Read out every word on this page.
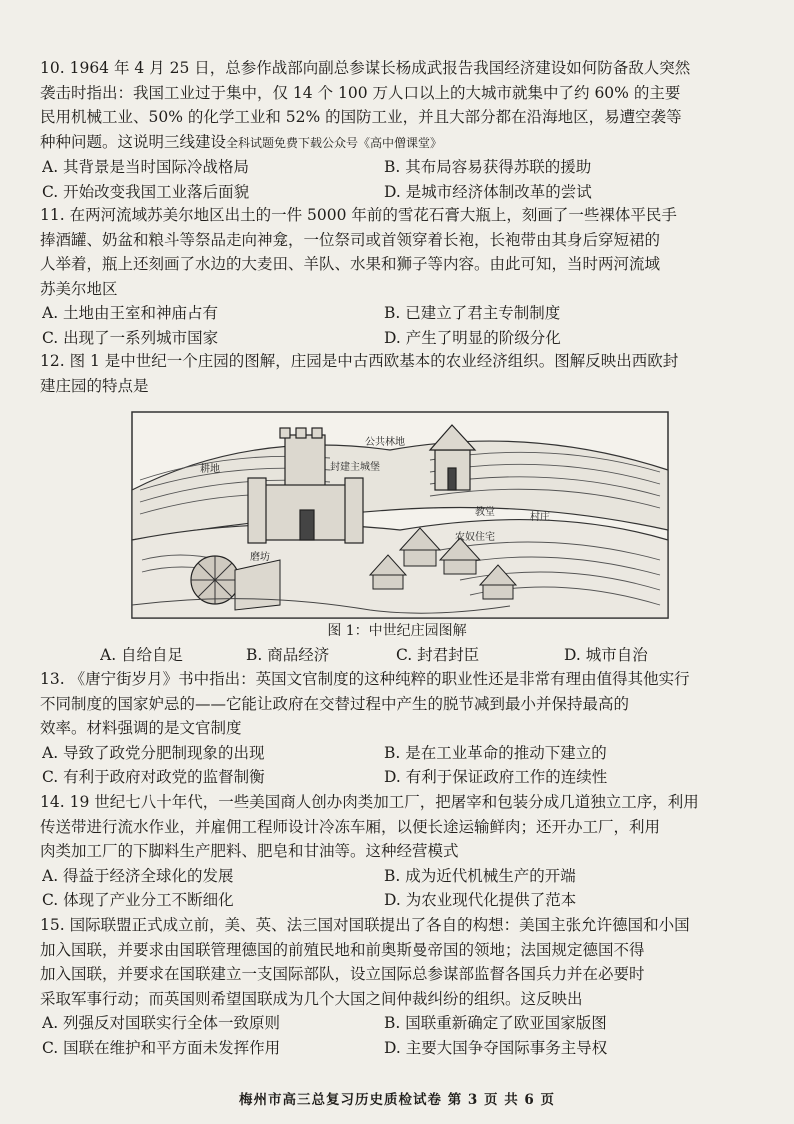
10. 1964 年 4 月 25 日，总参作战部向副总参谋长杨成武报告我国经济建设如何防备敌人突然

袭击时指出：我国工业过于集中，仅 14 个 100 万人口以上的大城市就集中了约 60% 的主要

民用机械工业、50% 的化学工业和 52% 的国防工业，并且大部分都在沿海地区，易遭空袭等

种种问题。这说明三线建设全科试题免费下载公众号《高中僧课堂》

A. 其背景是当时国际冷战格局	B. 其布局容易获得苏联的援助
C. 开始改变我国工业落后面貌	D. 是城市经济体制改革的尝试

11. 在两河流域苏美尔地区出土的一件 5000 年前的雪花石膏大瓶上，刻画了一些裸体平民手

捧酒罐、奶盆和粮斗等祭品走向神龛，一位祭司或首领穿着长袍，长袍带由其身后穿短裙的

人举着，瓶上还刻画了水边的大麦田、羊队、水果和狮子等内容。由此可知，当时两河流域

苏美尔地区

A. 土地由王室和神庙占有	B. 已建立了君主专制制度
C. 出现了一系列城市国家	D. 产生了明显的阶级分化

12. 图 1 是中世纪一个庄园的图解，庄园是中古西欧基本的农业经济组织。图解反映出西欧封

建庄园的特点是

公共林地
封建主城堡
教堂	村庄
耕地
磨坊
农奴住宅
图 1：中世纪庄园图解
A. 自给自足	B. 商品经济	C. 封君封臣	D. 城市自治

13. 《唐宁街岁月》书中指出：英国文官制度的这种纯粹的职业性还是非常有理由值得其他实行

不同制度的国家妒忌的——它能让政府在交替过程中产生的脱节减到最小并保持最高的

效率。材料强调的是文官制度

A. 导致了政党分肥制现象的出现	B. 是在工业革命的推动下建立的
C. 有利于政府对政党的监督制衡	D. 有利于保证政府工作的连续性

14. 19 世纪七八十年代，一些美国商人创办肉类加工厂，把屠宰和包装分成几道独立工序，利用

传送带进行流水作业，并雇佣工程师设计冷冻车厢，以便长途运输鲜肉；还开办工厂，利用

肉类加工厂的下脚料生产肥料、肥皂和甘油等。这种经营模式

A. 得益于经济全球化的发展	B. 成为近代机械生产的开端
C. 体现了产业分工不断细化	D. 为农业现代化提供了范本

15. 国际联盟正式成立前，美、英、法三国对国联提出了各自的构想：美国主张允许德国和小国

加入国联，并要求由国联管理德国的前殖民地和前奥斯曼帝国的领地；法国规定德国不得

加入国联，并要求在国联建立一支国际部队，设立国际总参谋部监督各国兵力并在必要时

采取军事行动；而英国则希望国联成为几个大国之间仲裁纠纷的组织。这反映出

A. 列强反对国联实行全体一致原则	B. 国联重新确定了欧亚国家版图
C. 国联在维护和平方面未发挥作用	D. 主要大国争夺国际事务主导权
梅州市高三总复习历史质检试卷 第 3 页 共 6 页
